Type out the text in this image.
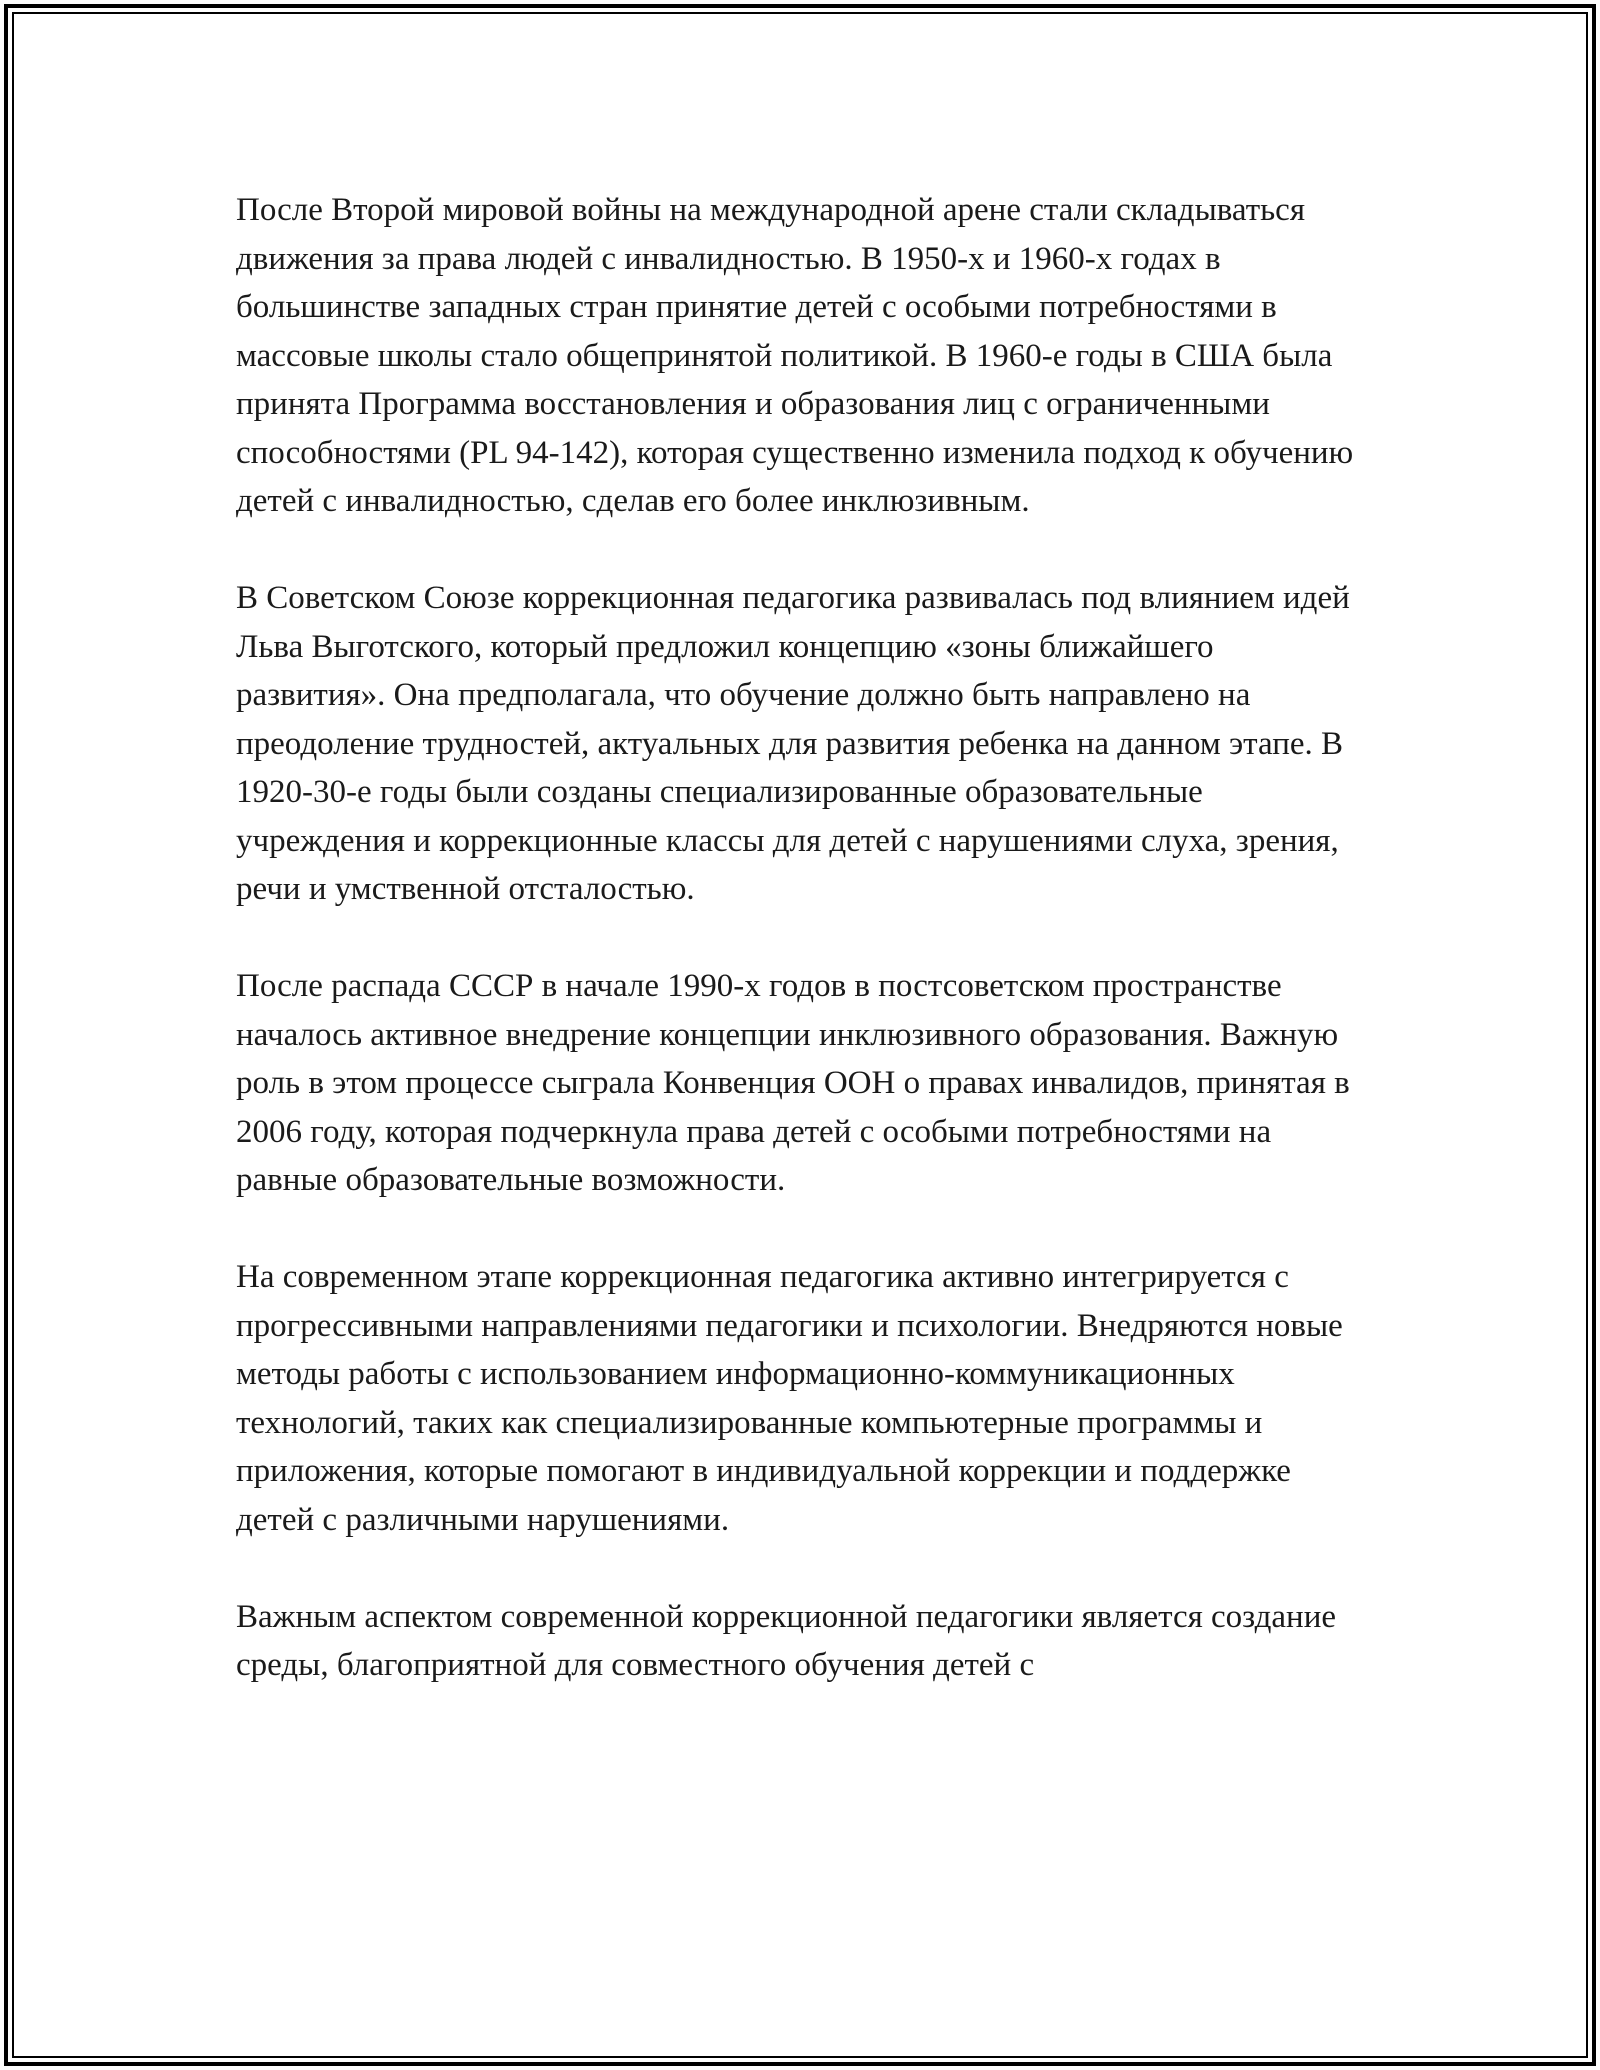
После Второй мировой войны на международной арене стали складываться движения за права людей с инвалидностью. В 1950-х и 1960-х годах в большинстве западных стран принятие детей с особыми потребностями в массовые школы стало общепринятой политикой. В 1960-е годы в США была принята Программа восстановления и образования лиц с ограниченными способностями (PL 94-142), которая существенно изменила подход к обучению детей с инвалидностью, сделав его более инклюзивным.

В Советском Союзе коррекционная педагогика развивалась под влиянием идей Льва Выготского, который предложил концепцию «зоны ближайшего развития». Она предполагала, что обучение должно быть направлено на преодоление трудностей, актуальных для развития ребенка на данном этапе. В 1920-30-е годы были созданы специализированные образовательные учреждения и коррекционные классы для детей с нарушениями слуха, зрения, речи и умственной отсталостью.

После распада СССР в начале 1990-х годов в постсоветском пространстве началось активное внедрение концепции инклюзивного образования. Важную роль в этом процессе сыграла Конвенция ООН о правах инвалидов, принятая в 2006 году, которая подчеркнула права детей с особыми потребностями на равные образовательные возможности.

На современном этапе коррекционная педагогика активно интегрируется с прогрессивными направлениями педагогики и психологии. Внедряются новые методы работы с использованием информационно-коммуникационных технологий, таких как специализированные компьютерные программы и приложения, которые помогают в индивидуальной коррекции и поддержке детей с различными нарушениями.

Важным аспектом современной коррекционной педагогики является создание среды, благоприятной для совместного обучения детей с
